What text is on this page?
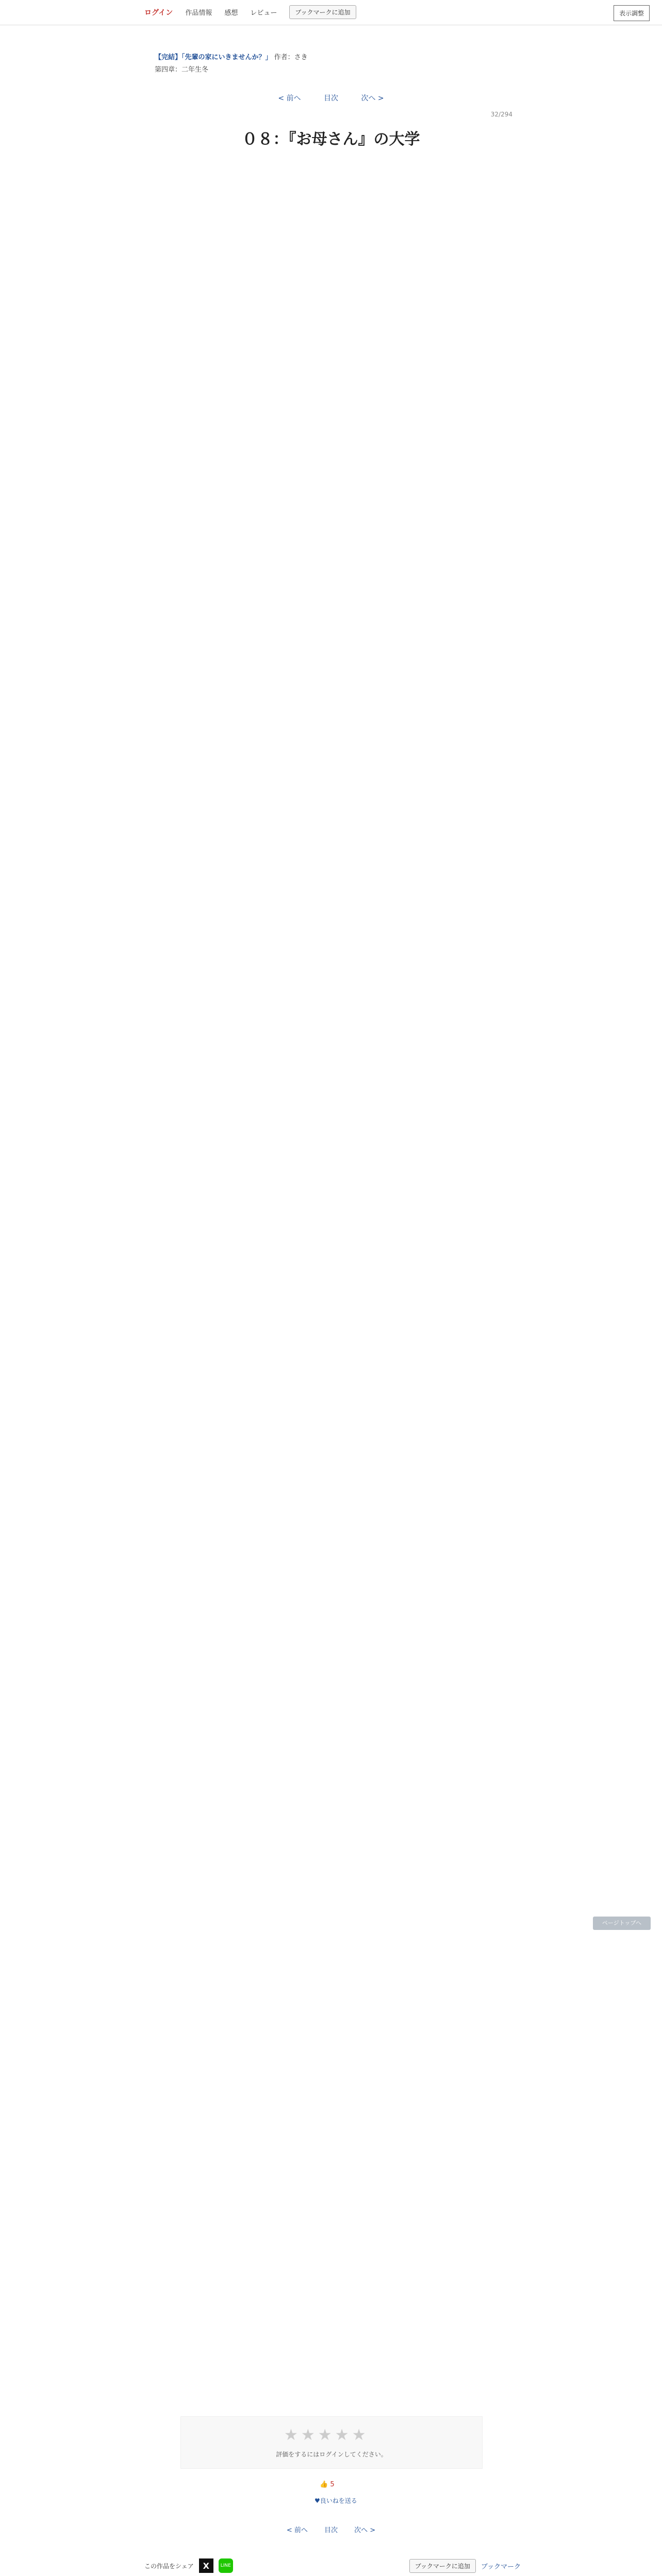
ログイン 作品情報 感想 レビュー	ブックマークに追加	表示調整
【完結】「先輩の家にいきませんか？」 作者：さき
第四章：二年生冬
< 前へ	目次	次へ >
32/294
０８：『お母さん』の大学
ページトップへ
★★★★★
評価をするにはログインしてください。
👍 5
♥良いねを送る
< 前へ 目次 次へ >
この作品をシェア	X	LINE	ブックマークに追加	ブックマーク
